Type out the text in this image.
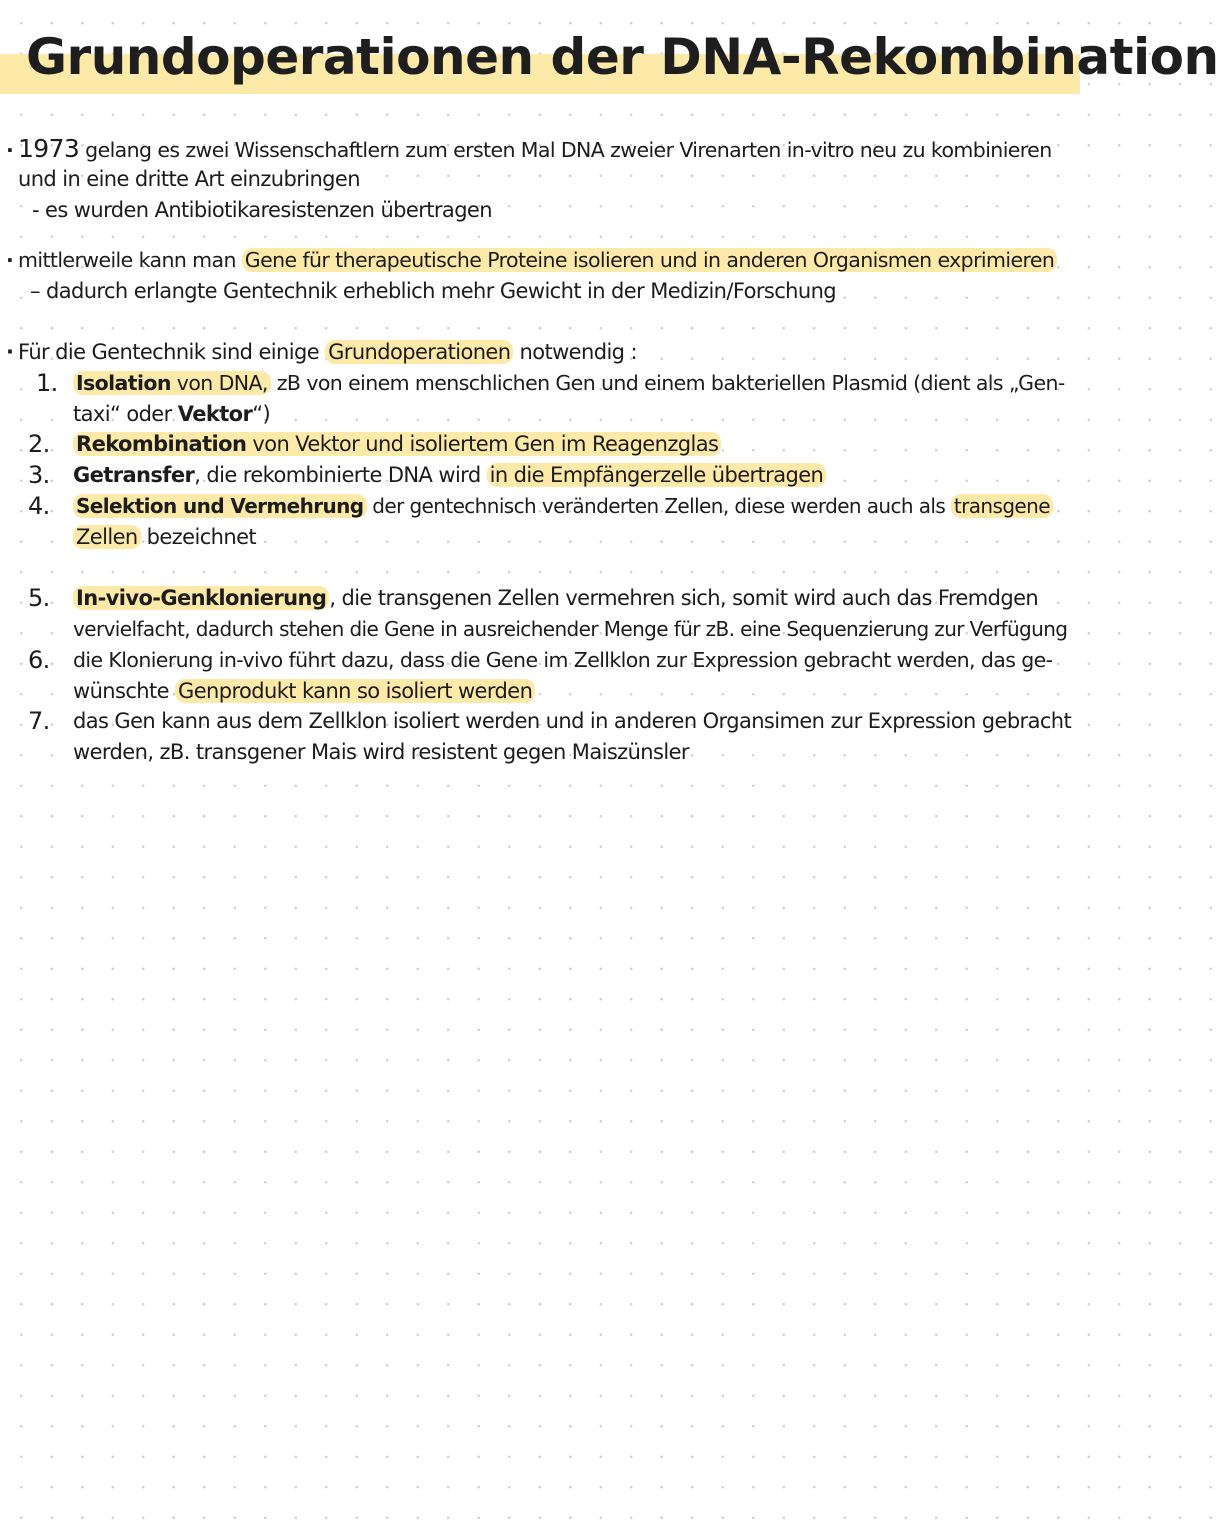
Grundoperationen der DNA-Rekombination
· 1973 gelang es zwei Wissenschaftlern zum ersten Mal DNA zweier Virenarten in-vitro neu zu kombinieren
und in eine dritte Art einzubringen
- es wurden Antibiotikaresistenzen übertragen
· mittlerweile kann man Gene für therapeutische Proteine isolieren und in anderen Organismen exprimieren
– dadurch erlangte Gentechnik erheblich mehr Gewicht in der Medizin/Forschung
· Für die Gentechnik sind einige Grundoperationen notwendig :
1. Isolation von DNA, zB von einem menschlichen Gen und einem bakteriellen Plasmid (dient als „Gen-
taxi“ oder Vektor“)
2.	Rekombination von Vektor und isoliertem Gen im Reagenzglas
3.	Getransfer, die rekombinierte DNA wird in die Empfängerzelle übertragen
4.	Selektion und Vermehrung der gentechnisch veränderten Zellen, diese werden auch als transgene
Zellen bezeichnet
5.	In-vivo-Genklonierung , die transgenen Zellen vermehren sich, somit wird auch das Fremdgen
vervielfacht, dadurch stehen die Gene in ausreichender Menge für zB. eine Sequenzierung zur Verfügung
6.	die Klonierung in-vivo führt dazu, dass die Gene im Zellklon zur Expression gebracht werden, das ge-
wünschte Genprodukt kann so isoliert werden
7.	das Gen kann aus dem Zellklon isoliert werden und in anderen Organsimen zur Expression gebracht
werden, zB. transgener Mais wird resistent gegen Maiszünsler
